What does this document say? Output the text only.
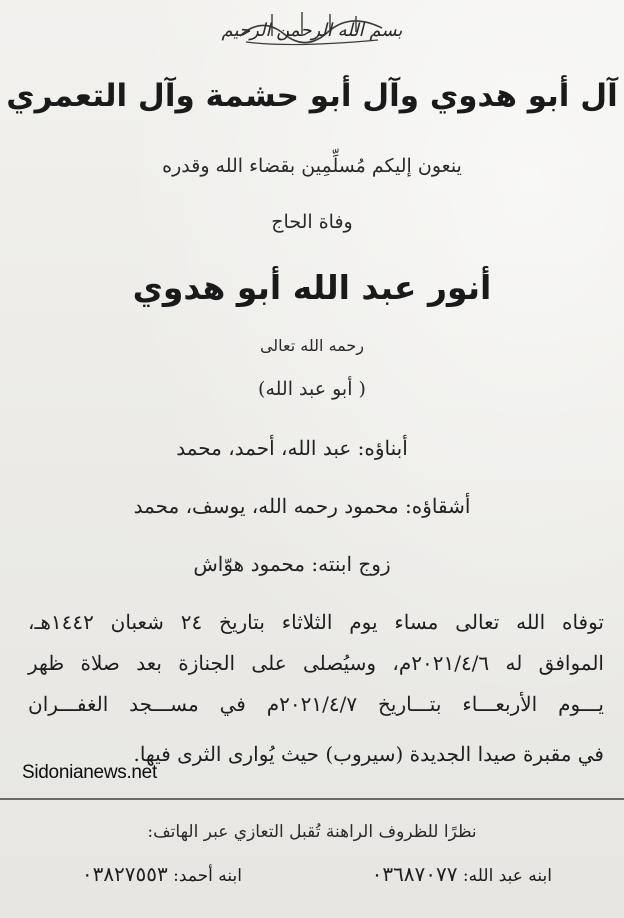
بسم الله الرحمن الرحيم
آل أبو هدوي وآل أبو حشمة وآل التعمري
ينعون إليكم مُسلِّمِين بقضاء الله وقدره
وفاة الحاج
أنور عبد الله أبو هدوي
رحمه الله تعالى
( أبو عبد الله)
أبناؤه: عبد الله، أحمد، محمد
أشقاؤه: محمود رحمه الله، يوسف، محمد
زوج ابنته: محمود هوّاش
توفاه الله تعالى مساء يوم الثلاثاء بتاريخ ٢٤ شعبان ١٤٤٢هـ،
الموافق له ٢٠٢١/٤/٦م، وسيُصلى على الجنازة بعد صلاة ظهر
يـــوم الأربعـــاء بتـــاريخ ٢٠٢١/٤/٧م في مســـجد الغفـــران
في مقبرة صيدا الجديدة (سيروب) حيث يُوارى الثرى فيها.
Sidonianews.net
نظرًا للظروف الراهنة تُقبل التعازي عبر الهاتف:
ابنه عبد الله: ٠٣٦٨٧٠٧٧
ابنه أحمد: ٠٣٨٢٧٥٥٣
